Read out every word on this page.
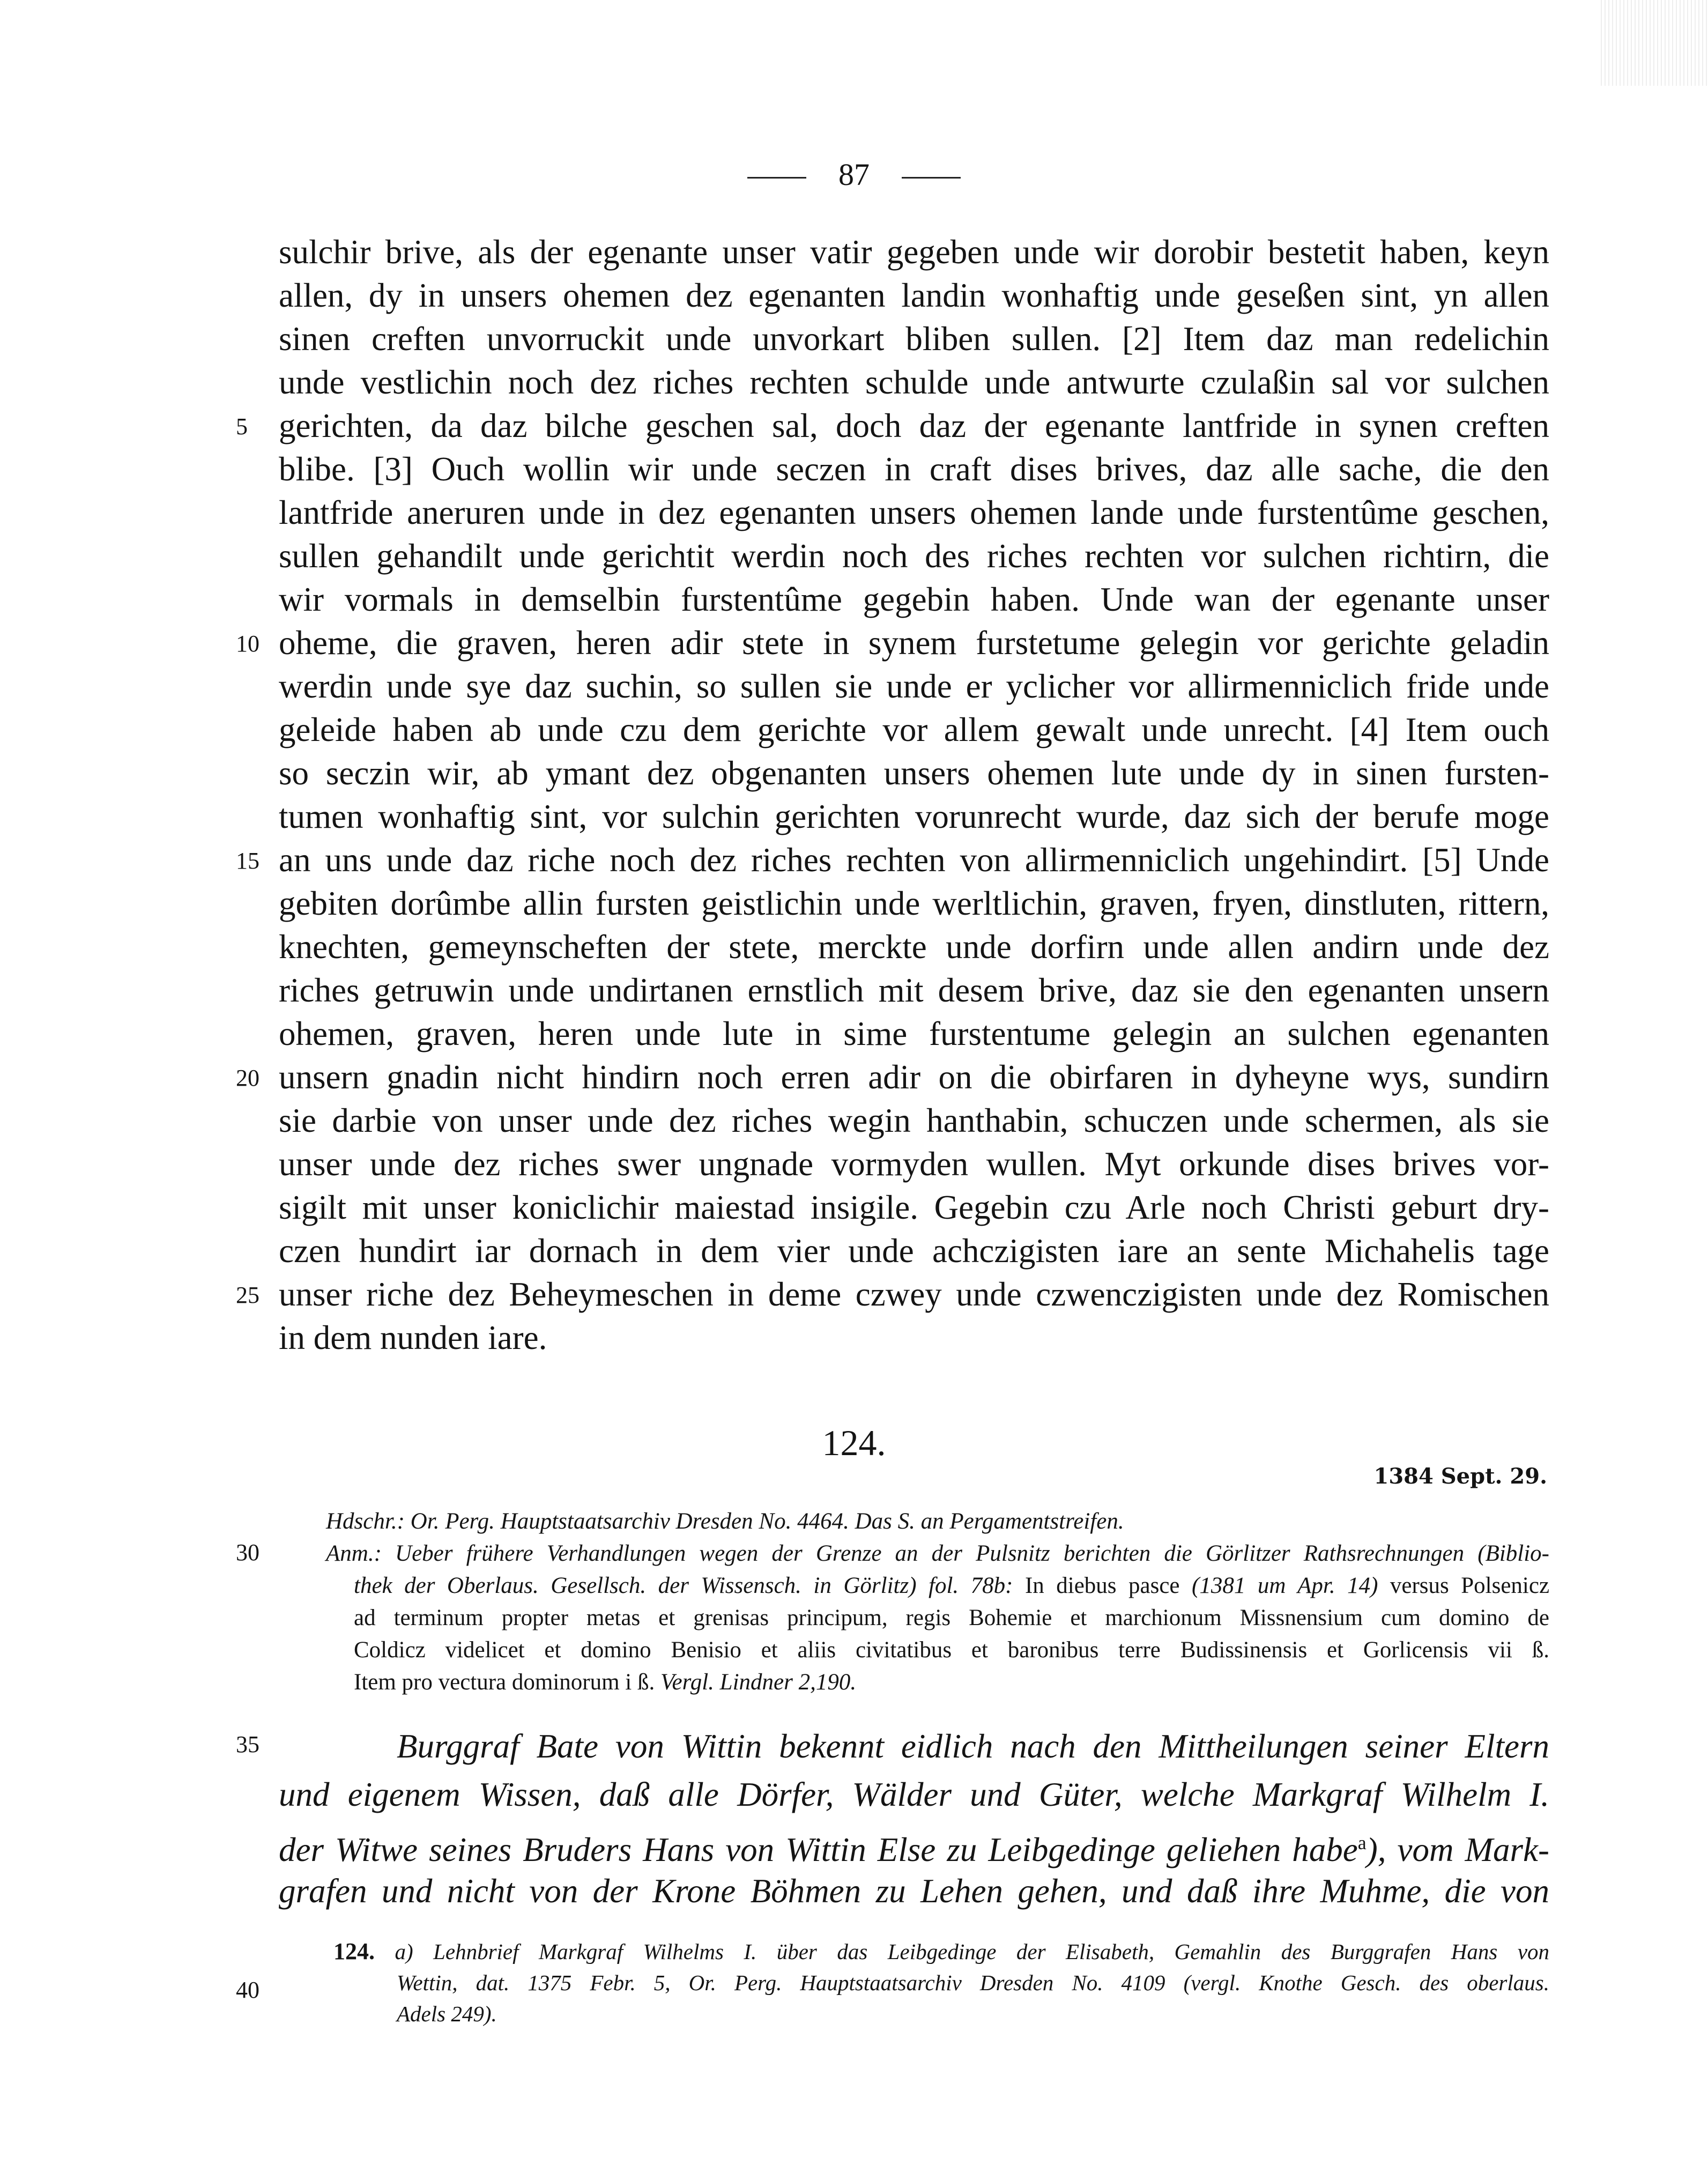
87
sulchir brive, als der egenante unser vatir gegeben unde wir dorobir bestetit haben, keyn
allen, dy in unsers ohemen dez egenanten landin wonhaftig unde geseßen sint, yn allen
sinen creften unvorruckit unde unvorkart bliben sullen. [2] Item daz man redelichin
unde vestlichin noch dez riches rechten schulde unde antwurte czulaßin sal vor sulchen
gerichten, da daz bilche geschen sal, doch daz der egenante lantfride in synen creften
blibe. [3] Ouch wollin wir unde seczen in craft dises brives, daz alle sache, die den
lantfride aneruren unde in dez egenanten unsers ohemen lande unde furstentûme geschen,
sullen gehandilt unde gerichtit werdin noch des riches rechten vor sulchen richtirn, die
wir vormals in demselbin furstentûme gegebin haben. Unde wan der egenante unser
oheme, die graven, heren adir stete in synem furstetume gelegin vor gerichte geladin
werdin unde sye daz suchin, so sullen sie unde er yclicher vor allirmenniclich fride unde
geleide haben ab unde czu dem gerichte vor allem gewalt unde unrecht. [4] Item ouch
so seczin wir, ab ymant dez obgenanten unsers ohemen lute unde dy in sinen fursten-
tumen wonhaftig sint, vor sulchin gerichten vorunrecht wurde, daz sich der berufe moge
an uns unde daz riche noch dez riches rechten von allirmenniclich ungehindirt. [5] Unde
gebiten dorûmbe allin fursten geistlichin unde werltlichin, graven, fryen, dinstluten, rittern,
knechten, gemeynscheften der stete, merckte unde dorfirn unde allen andirn unde dez
riches getruwin unde undirtanen ernstlich mit desem brive, daz sie den egenanten unsern
ohemen, graven, heren unde lute in sime furstentume gelegin an sulchen egenanten
unsern gnadin nicht hindirn noch erren adir on die obirfaren in dyheyne wys, sundirn
sie darbie von unser unde dez riches wegin hanthabin, schuczen unde schermen, als sie
unser unde dez riches swer ungnade vormyden wullen. Myt orkunde dises brives vor-
sigilt mit unser koniclichir maiestad insigile. Gegebin czu Arle noch Christi geburt dry-
czen hundirt iar dornach in dem vier unde achczigisten iare an sente Michahelis tage
unser riche dez Beheymeschen in deme czwey unde czwenczigisten unde dez Romischen
in dem nunden iare.
5
10
15
20
25
30
35
40
124.
1384 Sept. 29.
Hdschr.: Or. Perg. Hauptstaatsarchiv Dresden No. 4464. Das S. an Pergamentstreifen.
Anm.: Ueber frühere Verhandlungen wegen der Grenze an der Pulsnitz berichten die Görlitzer Rathsrechnungen (Biblio-
thek der Oberlaus. Gesellsch. der Wissensch. in Görlitz) fol. 78b: In diebus pasce (1381 um Apr. 14) versus Polsenicz
ad terminum propter metas et grenisas principum, regis Bohemie et marchionum Missnensium cum domino de
Coldicz videlicet et domino Benisio et aliis civitatibus et baronibus terre Budissinensis et Gorlicensis vii ß.
Item pro vectura dominorum i ß. Vergl. Lindner 2,190.
Burggraf Bate von Wittin bekennt eidlich nach den Mittheilungen seiner Eltern
und eigenem Wissen, daß alle Dörfer, Wälder und Güter, welche Markgraf Wilhelm I.
der Witwe seines Bruders Hans von Wittin Else zu Leibgedinge geliehen habe$^a$), vom Mark-
grafen und nicht von der Krone Böhmen zu Lehen gehen, und daß ihre Muhme, die von
124. a) Lehnbrief Markgraf Wilhelms I. über das Leibgedinge der Elisabeth, Gemahlin des Burggrafen Hans von
Wettin, dat. 1375 Febr. 5, Or. Perg. Hauptstaatsarchiv Dresden No. 4109 (vergl. Knothe Gesch. des oberlaus.
Adels 249).
